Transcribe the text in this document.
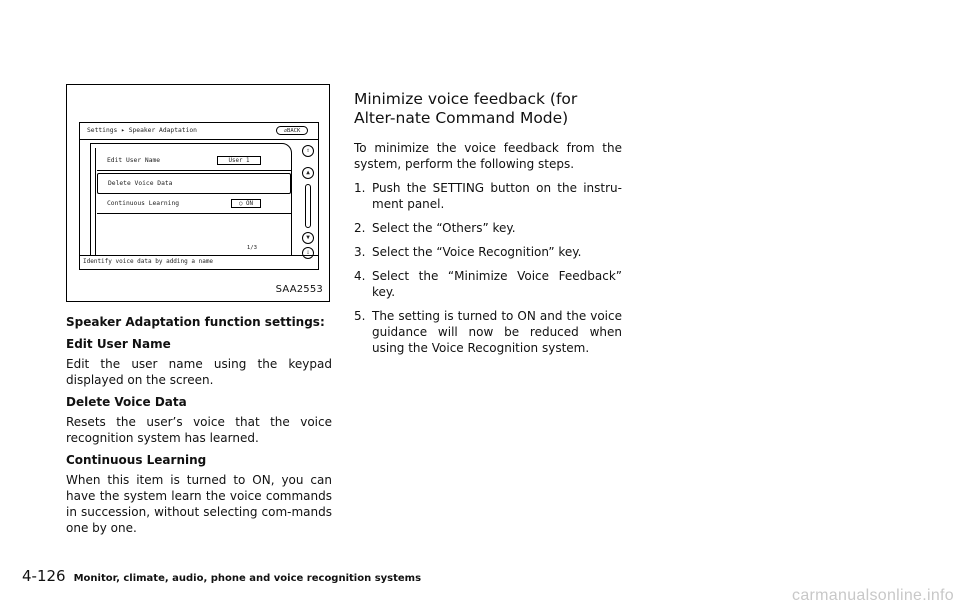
Settings ▸ Speaker Adaptation	↺BACK
Edit User Name	User 1
Delete Voice Data
Continuous Learning	○ ON
1/3
⇧
▲
▼
⇩
Identify voice data by adding a name
SAA2553

Speaker Adaptation function settings:

Edit User Name

Edit the user name using the keypad displayed on the screen.

Delete Voice Data

Resets the user’s voice that the voice recognition system has learned.

Continuous Learning

When this item is turned to ON, you can have the system learn the voice commands in succession, without selecting com-mands one by one.

Minimize voice feedback (for Alter-nate Command Mode)

To minimize the voice feedback from the system, perform the following steps.

1. Push the SETTING button on the instru-ment panel.
2. Select the “Others” key.
3. Select the “Voice Recognition” key.
4. Select the “Minimize Voice Feedback” key.
5. The setting is turned to ON and the voice guidance will now be reduced when using the Voice Recognition system.
4-126 Monitor, climate, audio, phone and voice recognition systems
carmanualsonline.info
